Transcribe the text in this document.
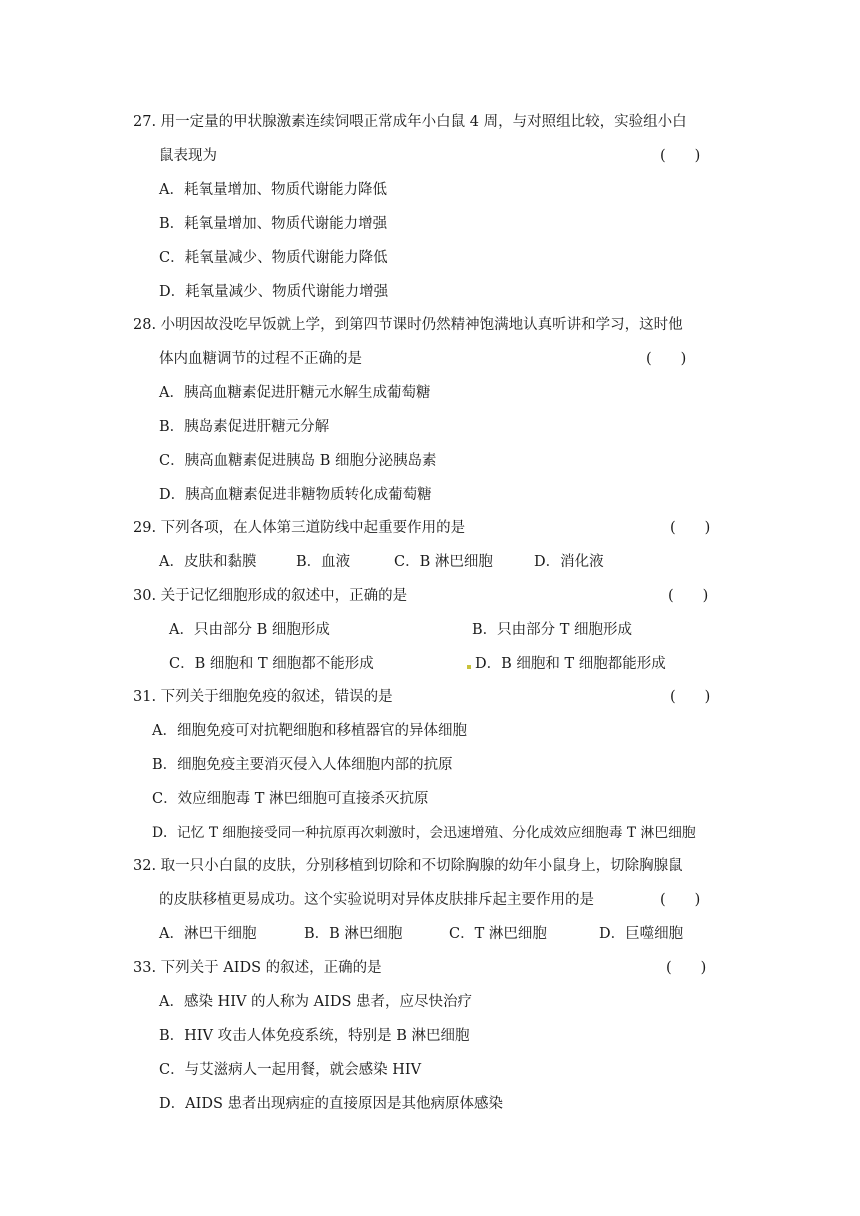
27. 用一定量的甲状腺激素连续饲喂正常成年小白鼠 4 周，与对照组比较，实验组小白
鼠表现为	(　　)
A．耗氧量增加、物质代谢能力降低
B．耗氧量增加、物质代谢能力增强
C．耗氧量减少、物质代谢能力降低
D．耗氧量减少、物质代谢能力增强
28. 小明因故没吃早饭就上学，到第四节课时仍然精神饱满地认真听讲和学习，这时他
体内血糖调节的过程不正确的是	(　　)
A．胰高血糖素促进肝糖元水解生成葡萄糖
B．胰岛素促进肝糖元分解
C．胰高血糖素促进胰岛 B 细胞分泌胰岛素
D．胰高血糖素促进非糖物质转化成葡萄糖
29. 下列各项，在人体第三道防线中起重要作用的是	(　　)
A．皮肤和黏膜	B．血液	C．B 淋巴细胞	D．消化液
30. 关于记忆细胞形成的叙述中，正确的是	(　　)
A．只由部分 B 细胞形成	B．只由部分 T 细胞形成
C．B 细胞和 T 细胞都不能形成	D．B 细胞和 T 细胞都能形成
31. 下列关于细胞免疫的叙述，错误的是	(　　)
A．细胞免疫可对抗靶细胞和移植器官的异体细胞
B．细胞免疫主要消灭侵入人体细胞内部的抗原
C．效应细胞毒 T 淋巴细胞可直接杀灭抗原
D．记忆 T 细胞接受同一种抗原再次刺激时，会迅速增殖、分化成效应细胞毒 T 淋巴细胞
32. 取一只小白鼠的皮肤，分别移植到切除和不切除胸腺的幼年小鼠身上，切除胸腺鼠
的皮肤移植更易成功。这个实验说明对异体皮肤排斥起主要作用的是	(　　)
A．淋巴干细胞	B．B 淋巴细胞	C．T 淋巴细胞	D．巨噬细胞
33. 下列关于 AIDS 的叙述，正确的是	(　　)
A．感染 HIV 的人称为 AIDS 患者，应尽快治疗
B．HIV 攻击人体免疫系统，特别是 B 淋巴细胞
C．与艾滋病人一起用餐，就会感染 HIV
D．AIDS 患者出现病症的直接原因是其他病原体感染
